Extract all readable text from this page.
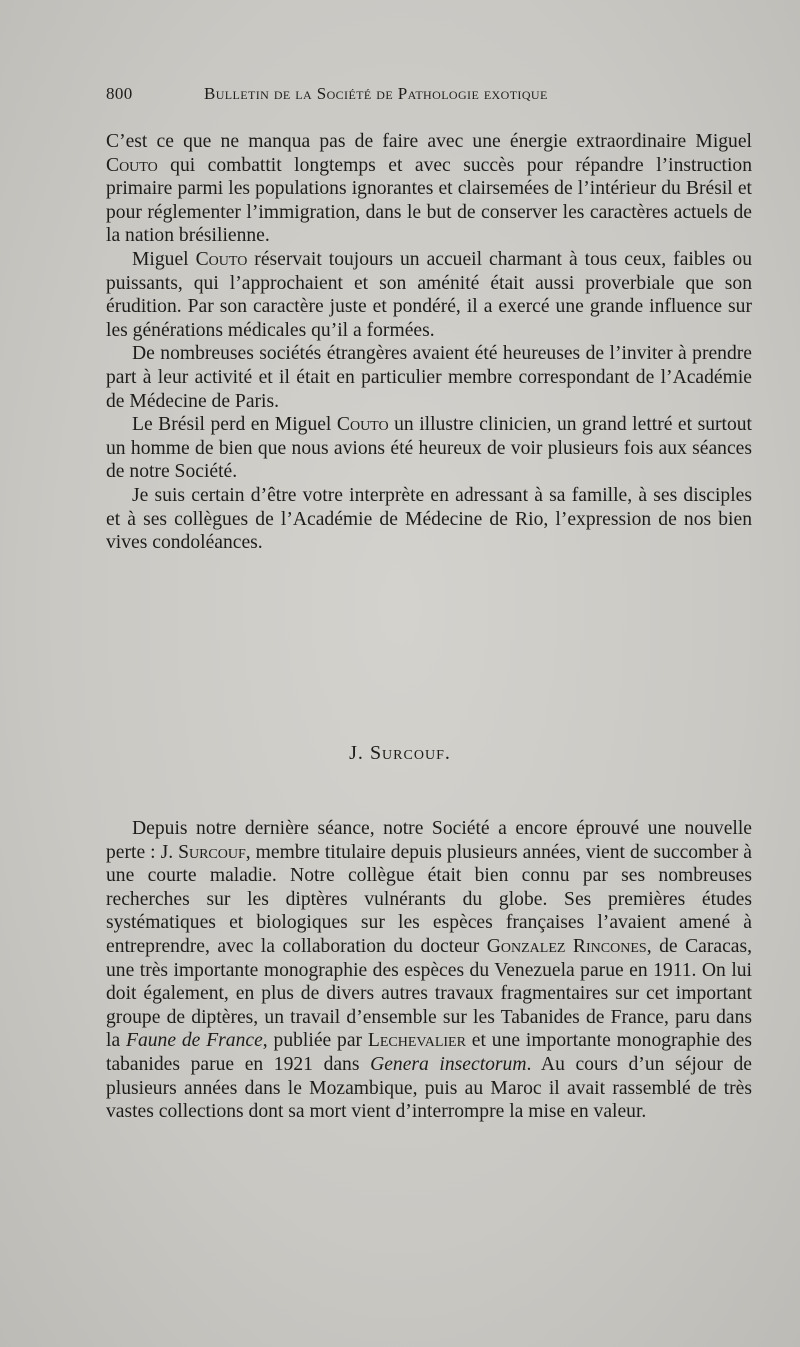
800	Bulletin de la Société de Pathologie exotique

C’est ce que ne manqua pas de faire avec une énergie extraordinaire Miguel Couto qui combattit longtemps et avec succès pour répandre l’instruction primaire parmi les populations ignorantes et clairsemées de l’intérieur du Brésil et pour réglementer l’immigration, dans le but de conserver les caractères actuels de la nation brésilienne.

Miguel Couto réservait toujours un accueil charmant à tous ceux, faibles ou puissants, qui l’approchaient et son aménité était aussi proverbiale que son érudition. Par son caractère juste et pondéré, il a exercé une grande influence sur les générations médicales qu’il a formées.

De nombreuses sociétés étrangères avaient été heureuses de l’inviter à prendre part à leur activité et il était en particulier membre correspondant de l’Académie de Médecine de Paris.

Le Brésil perd en Miguel Couto un illustre clinicien, un grand lettré et surtout un homme de bien que nous avions été heureux de voir plusieurs fois aux séances de notre Société.

Je suis certain d’être votre interprète en adressant à sa famille, à ses disciples et à ses collègues de l’Académie de Médecine de Rio, l’expression de nos bien vives condoléances.

J. Surcouf.

Depuis notre dernière séance, notre Société a encore éprouvé une nouvelle perte : J. Surcouf, membre titulaire depuis plusieurs années, vient de succomber à une courte maladie. Notre collègue était bien connu par ses nombreuses recherches sur les diptères vulnérants du globe. Ses premières études systématiques et biologiques sur les espèces françaises l’avaient amené à entreprendre, avec la collaboration du docteur Gonzalez Rincones, de Caracas, une très importante monographie des espèces du Venezuela parue en 1911. On lui doit également, en plus de divers autres travaux fragmentaires sur cet important groupe de diptères, un travail d’ensemble sur les Tabanides de France, paru dans la Faune de France, publiée par Lechevalier et une importante monographie des tabanides parue en 1921 dans Genera insectorum. Au cours d’un séjour de plusieurs années dans le Mozambique, puis au Maroc il avait rassemblé de très vastes collections dont sa mort vient d’interrompre la mise en valeur.
